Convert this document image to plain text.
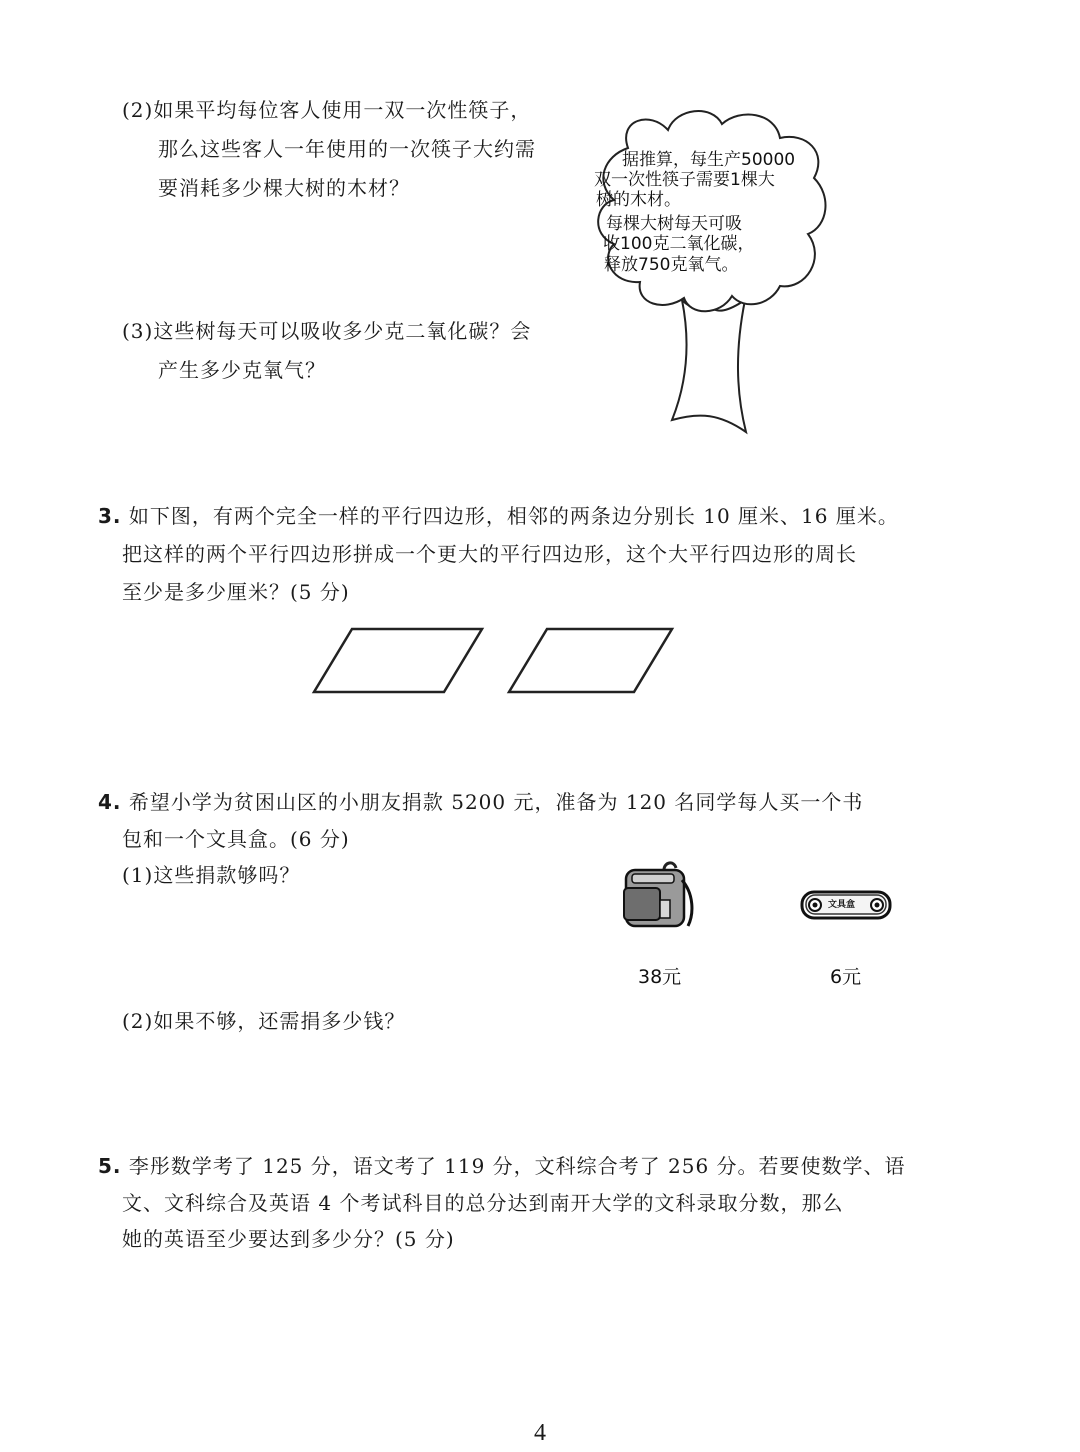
(2)如果平均每位客人使用一双一次性筷子，
那么这些客人一年使用的一次筷子大约需
要消耗多少棵大树的木材？
(3)这些树每天可以吸收多少克二氧化碳？会
产生多少克氧气？
据推算，每生产50000
双一次性筷子需要1棵大
树的木材。
每棵大树每天可吸
收100克二氧化碳，
释放750克氧气。
3. 如下图，有两个完全一样的平行四边形，相邻的两条边分别长 10 厘米、16 厘米。
把这样的两个平行四边形拼成一个更大的平行四边形，这个大平行四边形的周长
至少是多少厘米？(5 分)
4. 希望小学为贫困山区的小朋友捐款 5200 元，准备为 120 名同学每人买一个书
包和一个文具盒。(6 分)
(1)这些捐款够吗？
(2)如果不够，还需捐多少钱？
38元
文具盒
6元
5. 李彤数学考了 125 分，语文考了 119 分，文科综合考了 256 分。若要使数学、语
文、文科综合及英语 4 个考试科目的总分达到南开大学的文科录取分数，那么
她的英语至少要达到多少分？(5 分)
4
